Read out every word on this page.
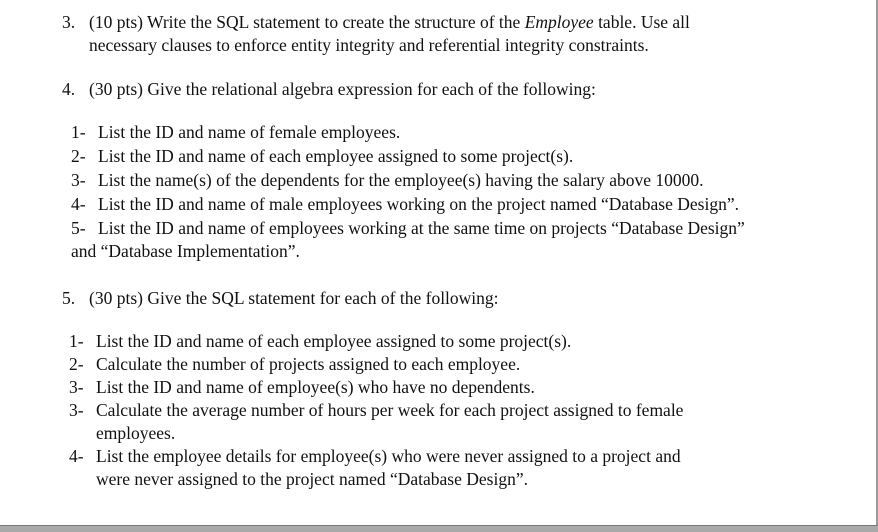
3. (10 pts) Write the SQL statement to create the structure of the Employee table. Use all
necessary clauses to enforce entity integrity and referential integrity constraints.
4. (30 pts) Give the relational algebra expression for each of the following:
1- List the ID and name of female employees.
2- List the ID and name of each employee assigned to some project(s).
3- List the name(s) of the dependents for the employee(s) having the salary above 10000.
4- List the ID and name of male employees working on the project named “Database Design”.
5- List the ID and name of employees working at the same time on projects “Database Design”
and “Database Implementation”.
5. (30 pts) Give the SQL statement for each of the following:
1- List the ID and name of each employee assigned to some project(s).
2- Calculate the number of projects assigned to each employee.
3- List the ID and name of employee(s) who have no dependents.
3- Calculate the average number of hours per week for each project assigned to female
employees.
4- List the employee details for employee(s) who were never assigned to a project and
were never assigned to the project named “Database Design”.
